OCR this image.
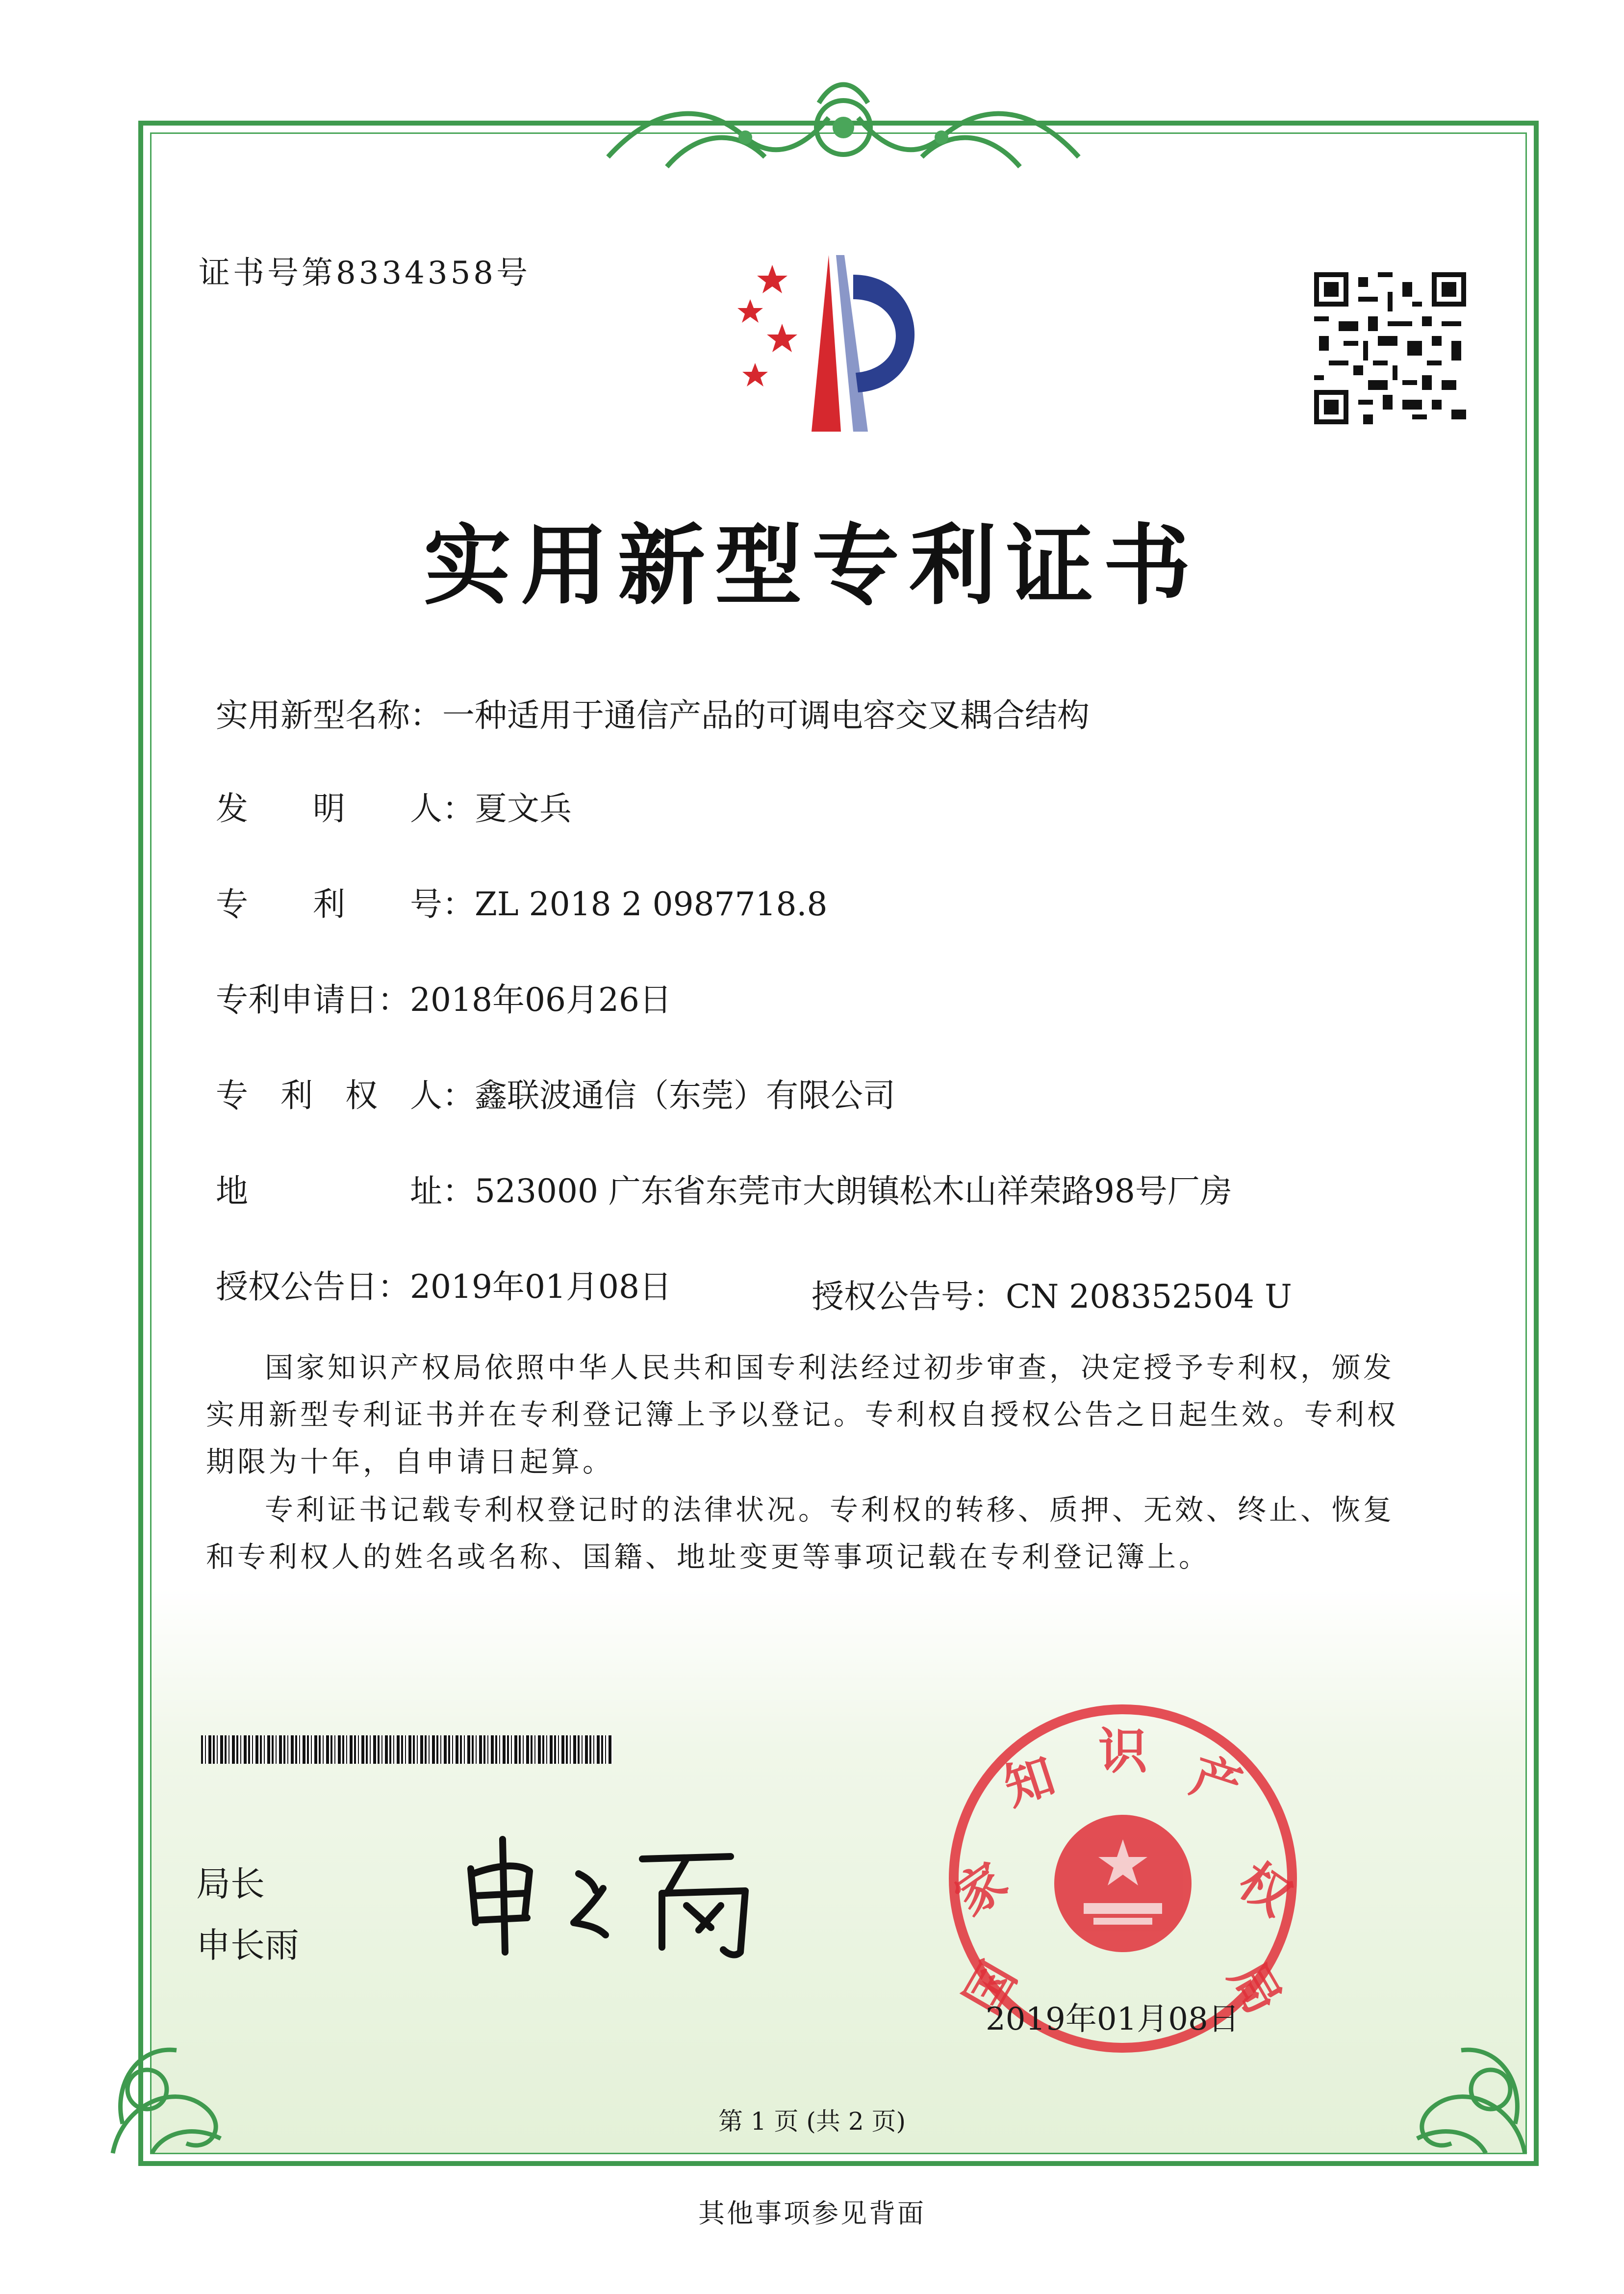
证书号第8334358号
实用新型专利证书
实用新型名称：一种适用于通信产品的可调电容交叉耦合结构
发　　明　　人：夏文兵
专　　利　　号：ZL 2018 2 0987718.8
专利申请日：2018年06月26日
专　利　权　人：鑫联波通信（东莞）有限公司
地　　　　　址：523000 广东省东莞市大朗镇松木山祥荣路98号厂房
授权公告日：2019年01月08日	授权公告号：CN 208352504 U
国家知识产权局依照中华人民共和国专利法经过初步审查，决定授予专利权，颁发实用新型专利证书并在专利登记簿上予以登记。专利权自授权公告之日起生效。专利权期限为十年，自申请日起算。
专利证书记载专利权登记时的法律状况。专利权的转移、质押、无效、终止、恢复和专利权人的姓名或名称、国籍、地址变更等事项记载在专利登记簿上。
局长
申长雨
国
家
知 识 产
权
局
2019年01月08日
第 1 页 (共 2 页)
其他事项参见背面
